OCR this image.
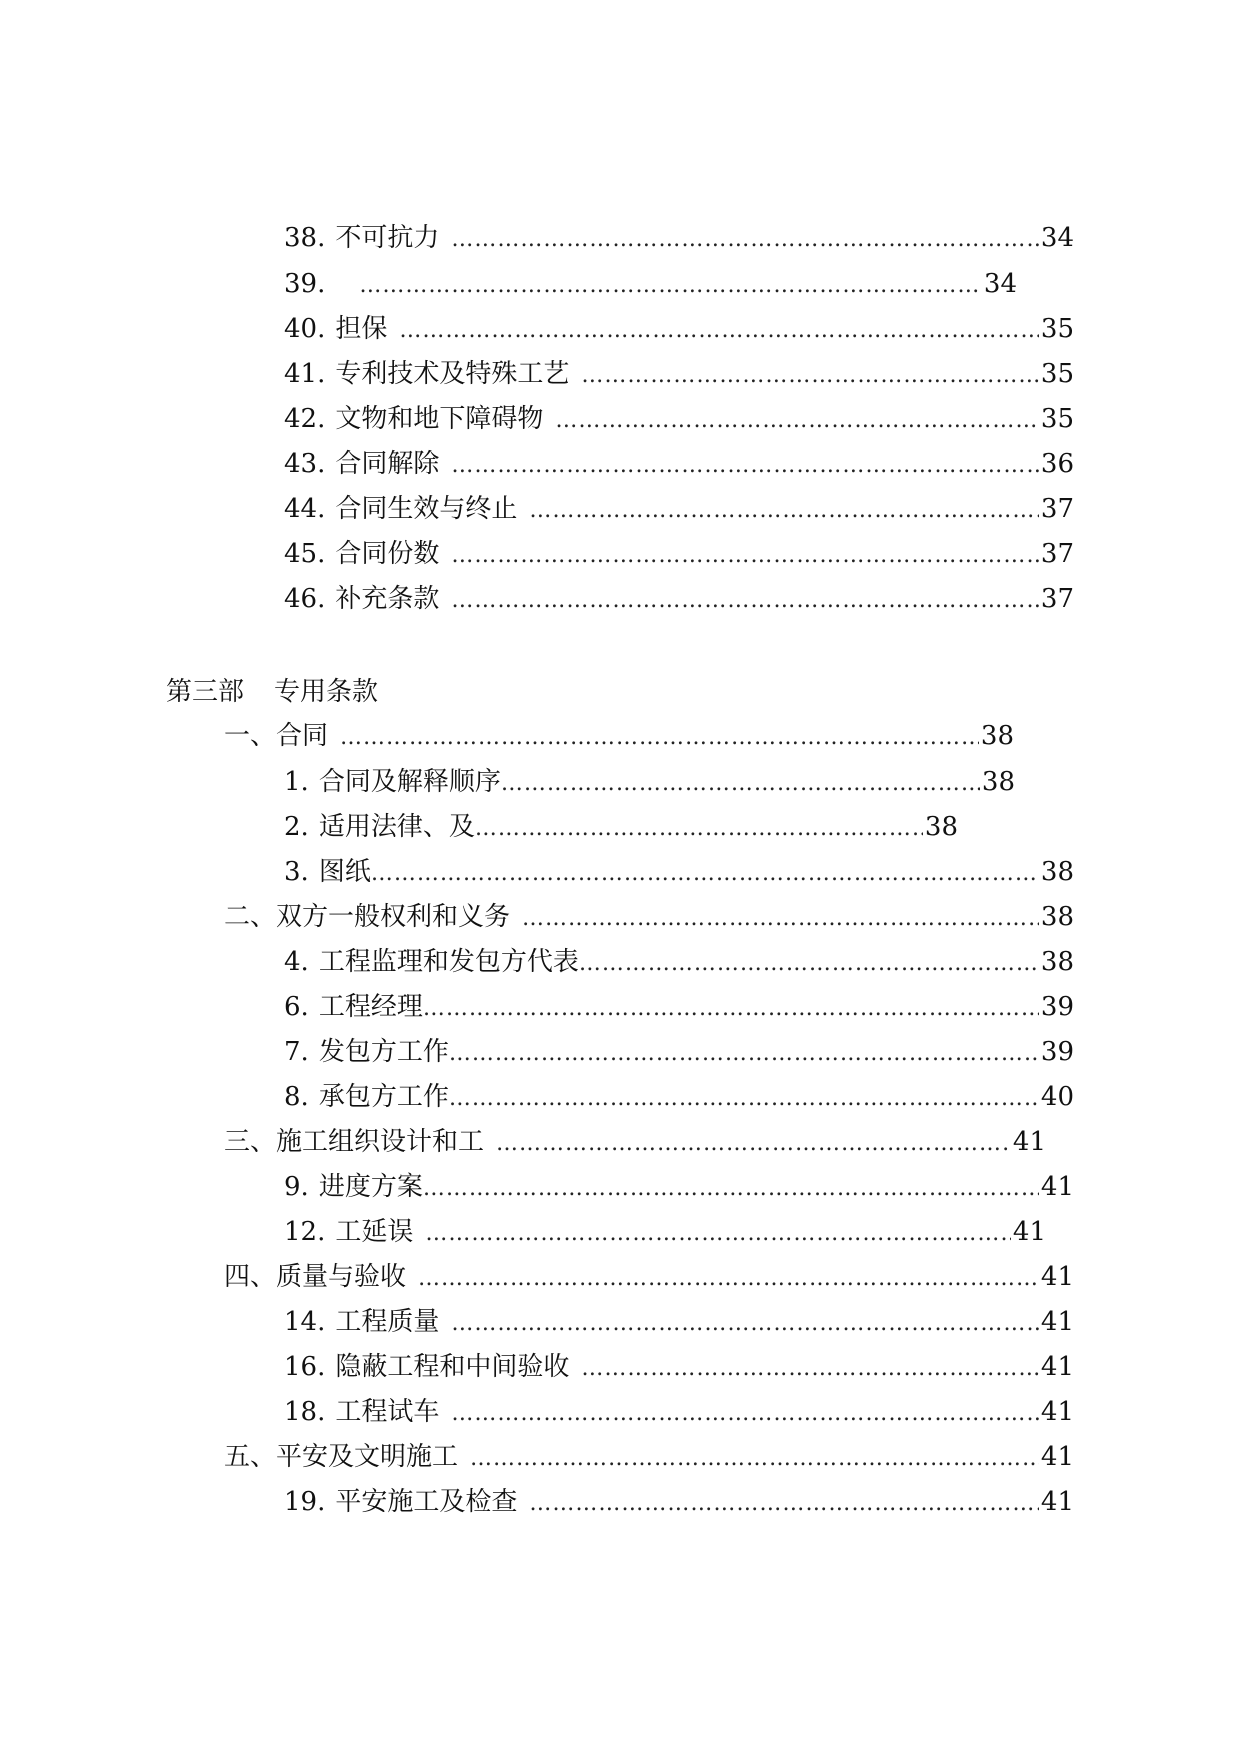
38. 不可抗力 ………………………………………………………………………………………………………………………………………………………………………………………………	34
39. ………………………………………………………………………………………………………………………………………………………………………………………………	34
40. 担保 ………………………………………………………………………………………………………………………………………………………………………………………………	35
41. 专利技术及特殊工艺 ………………………………………………………………………………………………………………………………………………………………………………………………	35
42. 文物和地下障碍物 ………………………………………………………………………………………………………………………………………………………………………………………………	35
43. 合同解除 ………………………………………………………………………………………………………………………………………………………………………………………………	36
44. 合同生效与终止 ………………………………………………………………………………………………………………………………………………………………………………………………	37
45. 合同份数 ………………………………………………………………………………………………………………………………………………………………………………………………	37
46. 补充条款 ………………………………………………………………………………………………………………………………………………………………………………………………	37
第三部 专用条款
一、 合同 ………………………………………………………………………………………………………………………………………………………………………………………………	38
1. 合同及解释顺序 ………………………………………………………………………………………………………………………………………………………………………………………………	38
2. 适用法律、及 ………………………………………………………………………………………………………………………………………………………………………………………………	38
3. 图纸 ………………………………………………………………………………………………………………………………………………………………………………………………	38
二、 双方一般权利和义务 ………………………………………………………………………………………………………………………………………………………………………………………………	38
4. 工程监理和发包方代表 ………………………………………………………………………………………………………………………………………………………………………………………………	38
6. 工程经理 ………………………………………………………………………………………………………………………………………………………………………………………………	39
7. 发包方工作 ………………………………………………………………………………………………………………………………………………………………………………………………	39
8. 承包方工作 ………………………………………………………………………………………………………………………………………………………………………………………………	40
三、 施工组织设计和工 ………………………………………………………………………………………………………………………………………………………………………………………………	41
9. 进度方案 ………………………………………………………………………………………………………………………………………………………………………………………………	41
12. 工延误 ………………………………………………………………………………………………………………………………………………………………………………………………	41
四、 质量与验收 ………………………………………………………………………………………………………………………………………………………………………………………………	41
14. 工程质量 ………………………………………………………………………………………………………………………………………………………………………………………………	41
16. 隐蔽工程和中间验收 ………………………………………………………………………………………………………………………………………………………………………………………………	41
18. 工程试车 ………………………………………………………………………………………………………………………………………………………………………………………………	41
五、 平安及文明施工 ………………………………………………………………………………………………………………………………………………………………………………………………	41
19. 平安施工及检查 ………………………………………………………………………………………………………………………………………………………………………………………………	41
